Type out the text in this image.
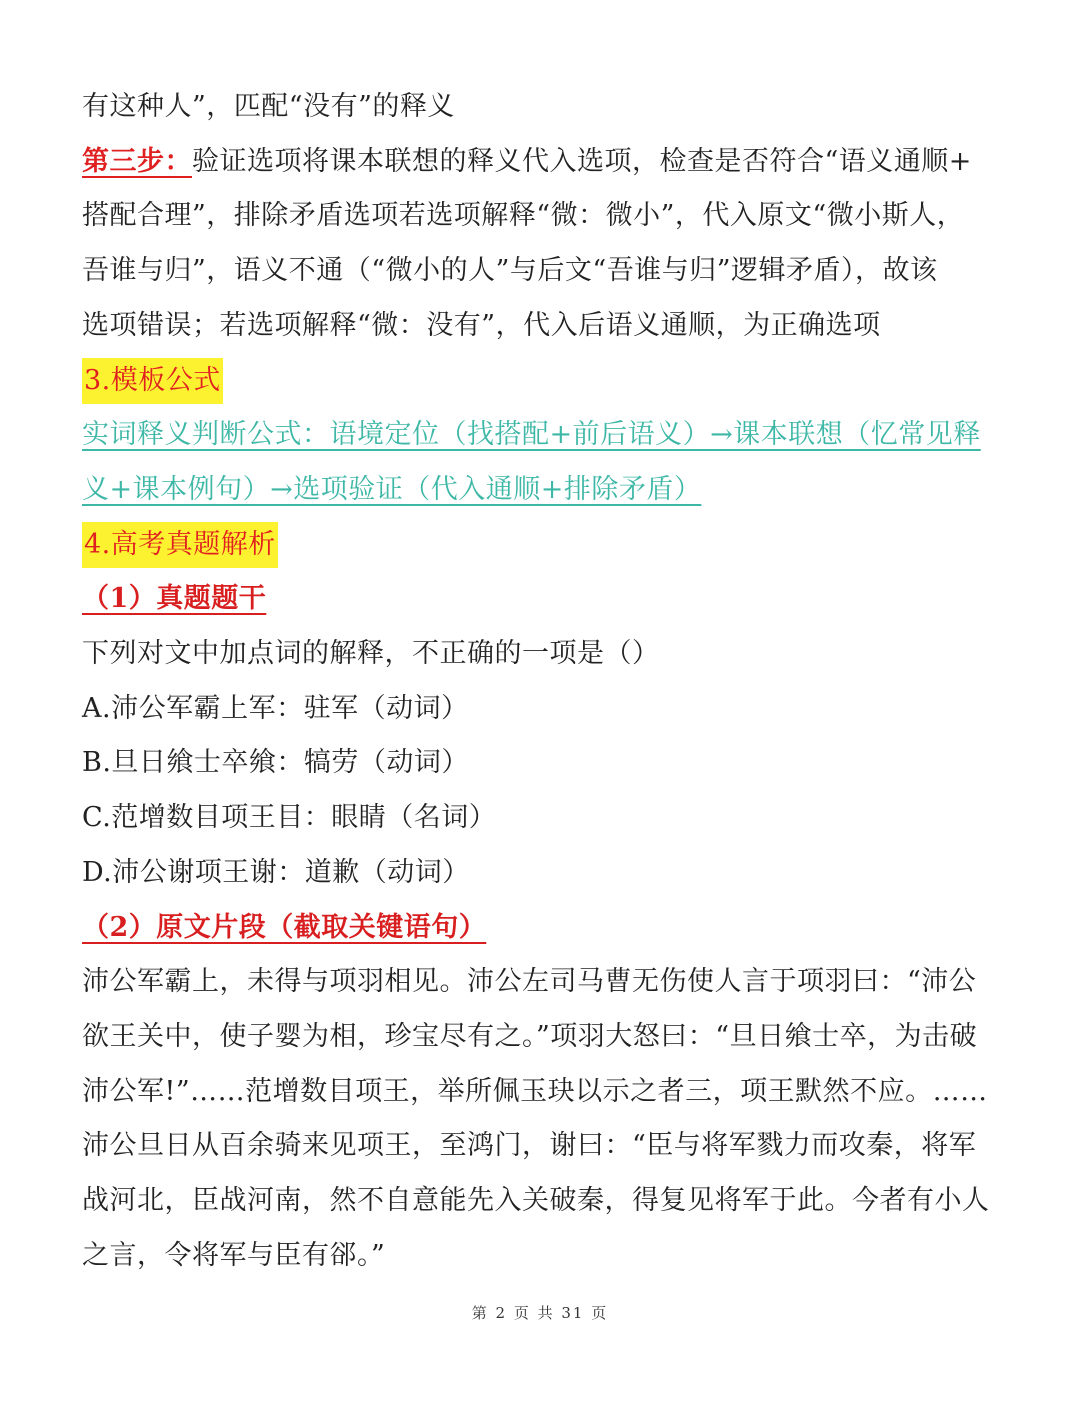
有这种人”，匹配“没有”的释义
第三步：验证选项将课本联想的释义代入选项，检查是否符合“语义通顺+
搭配合理”，排除矛盾选项若选项解释“微：微小”，代入原文“微小斯人，
吾谁与归”，语义不通（“微小的人”与后文“吾谁与归”逻辑矛盾），故该
选项错误；若选项解释“微：没有”，代入后语义通顺，为正确选项
3.模板公式
实词释义判断公式：语境定位（找搭配+前后语义）→课本联想（忆常见释
义+课本例句）→选项验证（代入通顺+排除矛盾）
4.高考真题解析
（1）真题题干
下列对文中加点词的解释，不正确的一项是（）
A.沛公军霸上军：驻军（动词）
B.旦日飨士卒飨：犒劳（动词）
C.范增数目项王目：眼睛（名词）
D.沛公谢项王谢：道歉（动词）
（2）原文片段（截取关键语句）
沛公军霸上，未得与项羽相见。沛公左司马曹无伤使人言于项羽曰：“沛公
欲王关中，使子婴为相，珍宝尽有之。”项羽大怒曰：“旦日飨士卒，为击破
沛公军!”……范增数目项王，举所佩玉玦以示之者三，项王默然不应。……
沛公旦日从百余骑来见项王，至鸿门，谢曰：“臣与将军戮力而攻秦，将军
战河北，臣战河南，然不自意能先入关破秦，得复见将军于此。今者有小人
之言，令将军与臣有郤。”
第 2 页 共 31 页
